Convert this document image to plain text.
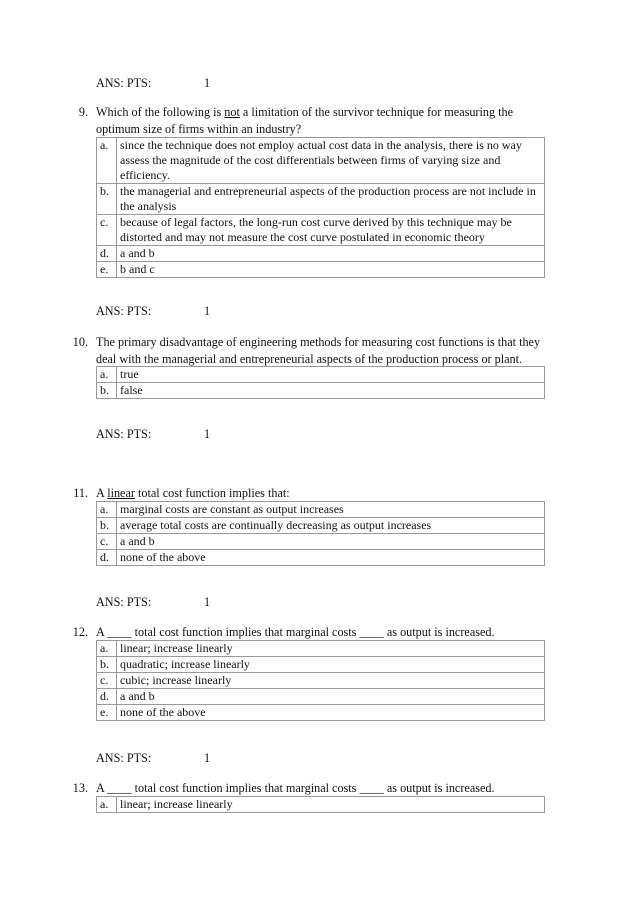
ANS: PTS:	1
ANS: PTS:	1
ANS: PTS:	1
ANS: PTS:	1
ANS: PTS:	1
9. Which of the following is not a limitation of the survivor technique for measuring the optimum size of firms within an industry?
a.	since the technique does not employ actual cost data in the analysis, there is no way assess the magnitude of the cost differentials between firms of varying size and efficiency.
b.	the managerial and entrepreneurial aspects of the production process are not include in the analysis
c.	because of legal factors, the long-run cost curve derived by this technique may be distorted and may not measure the cost curve postulated in economic theory
d.	a and b
e.	b and c
10. The primary disadvantage of engineering methods for measuring cost functions is that they deal with the managerial and entrepreneurial aspects of the production process or plant.
a.	true
b.	false
11. A linear total cost function implies that:
a.	marginal costs are constant as output increases
b.	average total costs are continually decreasing as output increases
c.	a and b
d.	none of the above
12. A ____ total cost function implies that marginal costs ____ as output is increased.
a.	linear; increase linearly
b.	quadratic; increase linearly
c.	cubic; increase linearly
d.	a and b
e.	none of the above
13. A ____ total cost function implies that marginal costs ____ as output is increased.
a.	linear; increase linearly
